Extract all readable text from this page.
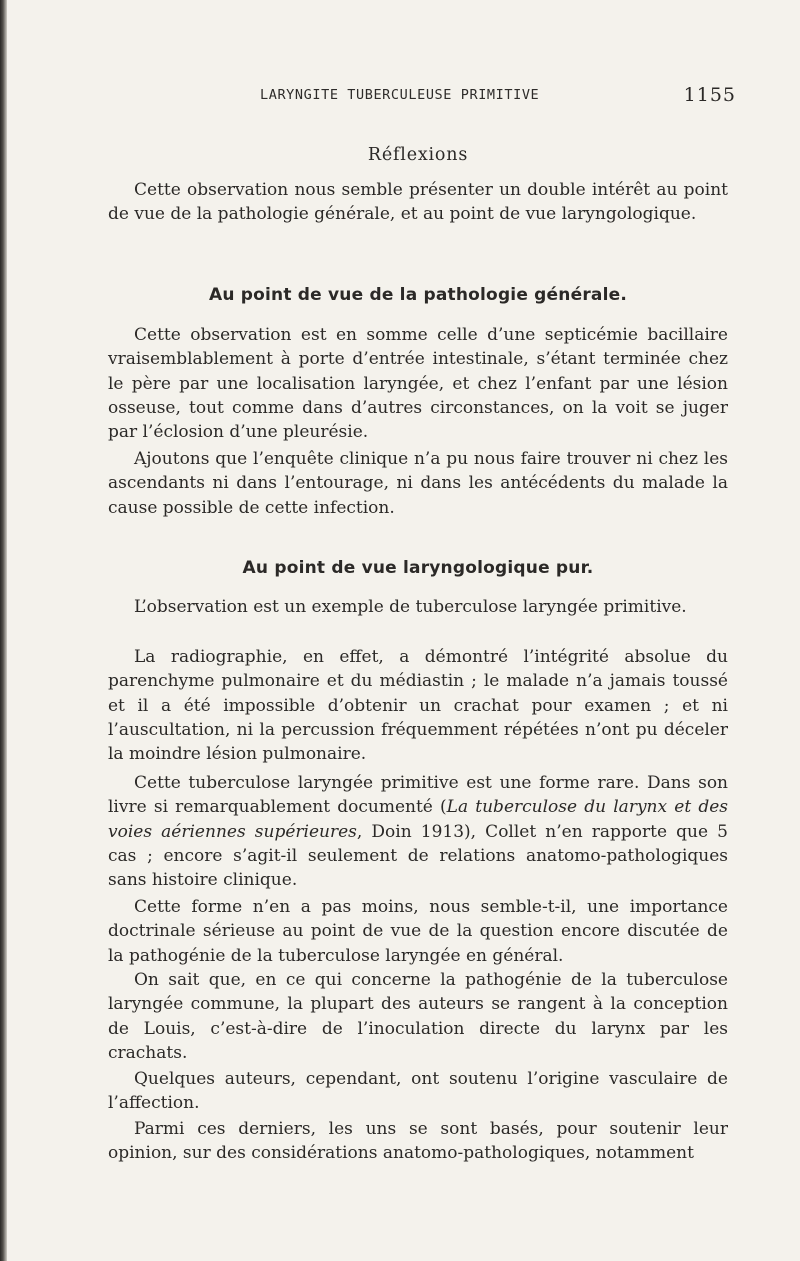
LARYNGITE TUBERCULEUSE PRIMITIVE	1155
Réflexions

Cette observation nous semble présenter un double intérêt au point de vue de la pathologie générale, et au point de vue laryngologique.

Au point de vue de la pathologie générale.

Cette observation est en somme celle d’une septicémie bacillaire vraisemblablement à porte d’entrée intestinale, s’étant terminée chez le père par une localisation laryngée, et chez l’enfant par une lésion osseuse, tout comme dans d’autres circonstances, on la voit se juger par l’éclosion d’une pleurésie.

Ajoutons que l’enquête clinique n’a pu nous faire trouver ni chez les ascendants ni dans l’entourage, ni dans les antécédents du malade la cause possible de cette infection.

Au point de vue laryngologique pur.

L’observation est un exemple de tuberculose laryngée primitive.

La radiographie, en effet, a démontré l’intégrité absolue du parenchyme pulmonaire et du médiastin ; le malade n’a jamais toussé et il a été impossible d’obtenir un crachat pour examen ; et ni l’auscultation, ni la percussion fréquemment répétées n’ont pu déceler la moindre lésion pulmonaire.

Cette tuberculose laryngée primitive est une forme rare. Dans son livre si remarquablement documenté (La tuberculose du larynx et des voies aériennes supérieures, Doin 1913), Collet n’en rapporte que 5 cas ; encore s’agit-il seulement de relations anatomo-pathologiques sans histoire clinique.

Cette forme n’en a pas moins, nous semble-t-il, une importance doctrinale sérieuse au point de vue de la question encore discutée de la pathogénie de la tuberculose laryngée en général.

On sait que, en ce qui concerne la pathogénie de la tuberculose laryngée commune, la plupart des auteurs se rangent à la conception de Louis, c’est-à-dire de l’inoculation directe du larynx par les crachats.

Quelques auteurs, cependant, ont soutenu l’origine vasculaire de l’affection.

Parmi ces derniers, les uns se sont basés, pour soutenir leur opinion, sur des considérations anatomo-pathologiques, notamment
